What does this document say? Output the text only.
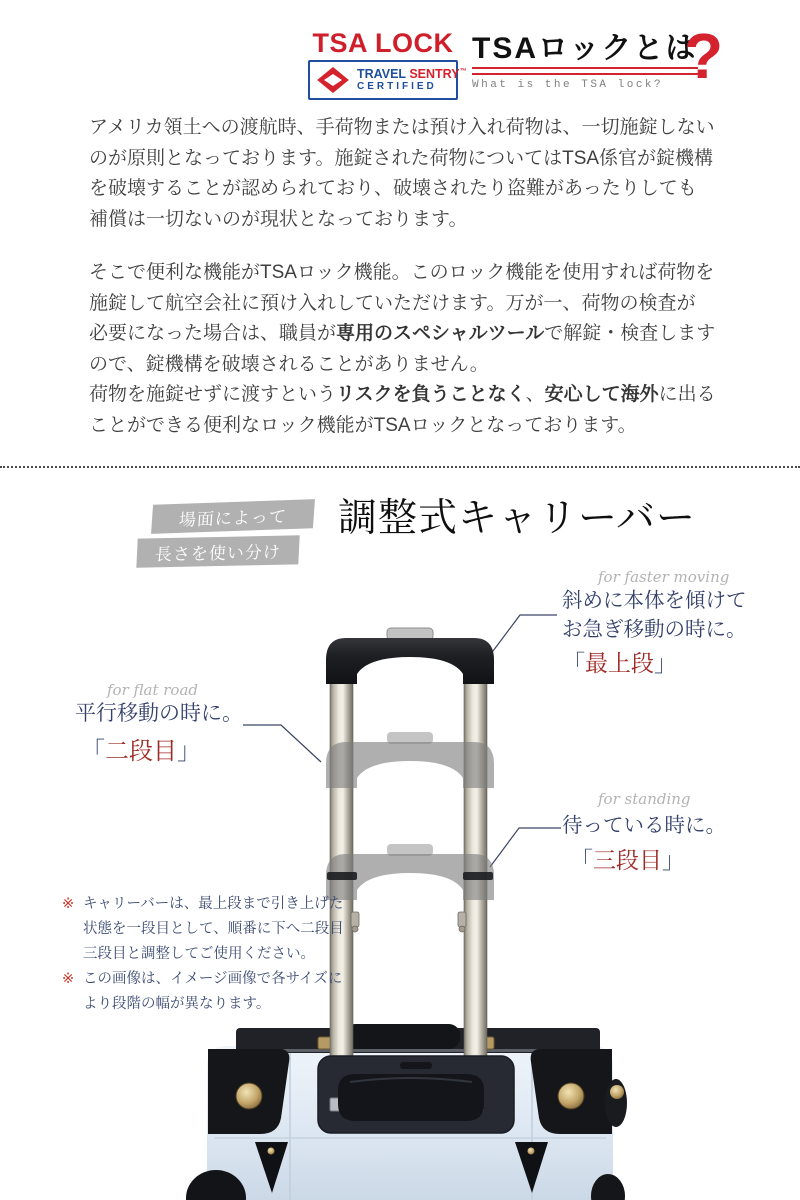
TSA LOCK
TRAVEL SENTRY™
CERTIFIED
TSAロックとは
What is the TSA lock? ?
アメリカ領土への渡航時、手荷物または預け入れ荷物は、一切施錠しない
のが原則となっております。施錠された荷物についてはTSA係官が錠機構
を破壊することが認められており、破壊されたり盗難があったりしても
補償は一切ないのが現状となっております。
そこで便利な機能がTSAロック機能。このロック機能を使用すれば荷物を
施錠して航空会社に預け入れしていただけます。万が一、荷物の検査が
必要になった場合は、職員が専用のスペシャルツールで解錠・検査します
ので、錠機構を破壊されることがありません。
荷物を施錠せずに渡すというリスクを負うことなく、安心して海外に出る
ことができる便利なロック機能がTSAロックとなっております。
場面によって
長さを使い分け
調整式キャリーバー
for faster moving
斜めに本体を傾けて
お急ぎ移動の時に。
「最上段」
for flat road
平行移動の時に。
「二段目」
for standing
待っている時に。
「三段目」
※ キャリーバーは、最上段まで引き上げた
状態を一段目として、順番に下へ二段目
三段目と調整してご使用ください。
※ この画像は、イメージ画像で各サイズに
より段階の幅が異なります。
